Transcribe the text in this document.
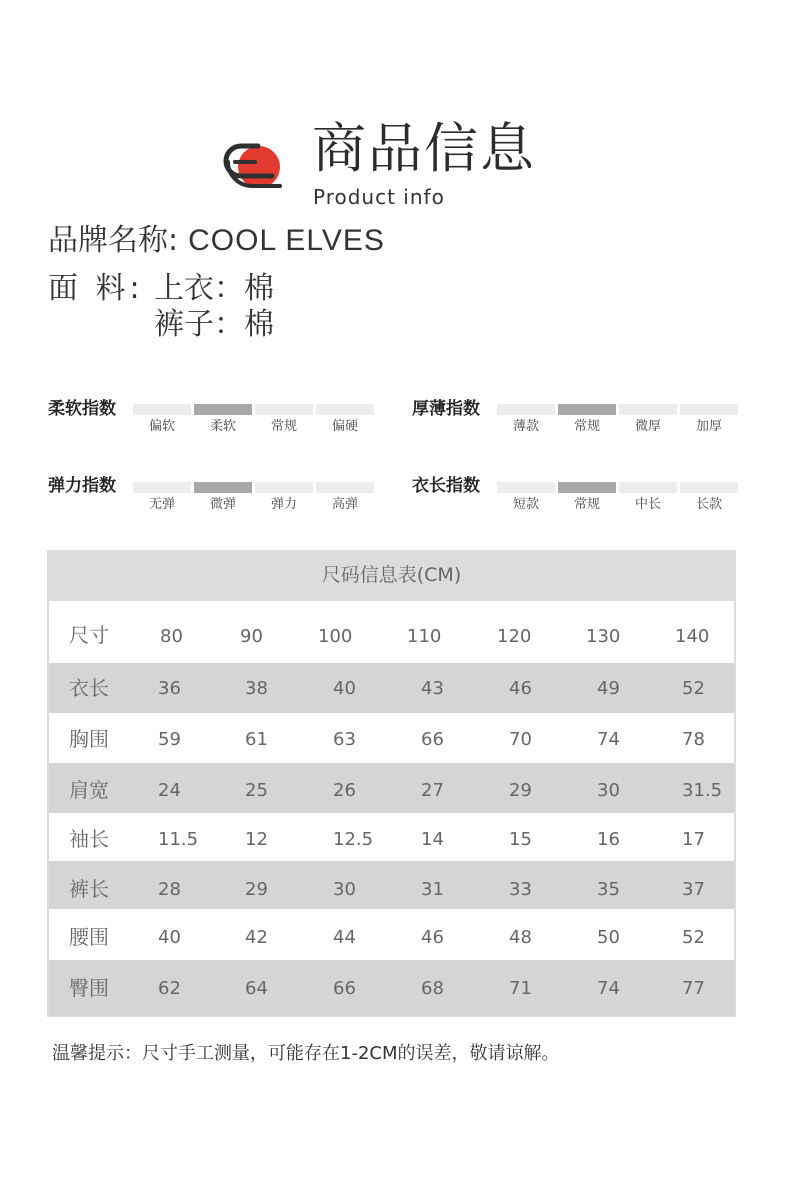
商品信息
Product info
品牌名称: COOL ELVES
面 料: 上衣：棉
裤子：棉
柔软指数
偏软	柔软	常规	偏硬
厚薄指数
薄款	常规	微厚	加厚
弹力指数
无弹	微弹	弹力	高弹
衣长指数
短款	常规	中长	长款
尺码信息表(CM)
尺寸	80	90	100	110	120	130	140
衣长	36	38	40	43	46	49	52
胸围	59	61	63	66	70	74	78
肩宽	24	25	26	27	29	30	31.5
袖长	11.5	12	12.5	14	15	16	17
裤长	28	29	30	31	33	35	37
腰围	40	42	44	46	48	50	52
臀围	62	64	66	68	71	74	77
温馨提示：尺寸手工测量，可能存在1-2CM的误差，敬请谅解。
